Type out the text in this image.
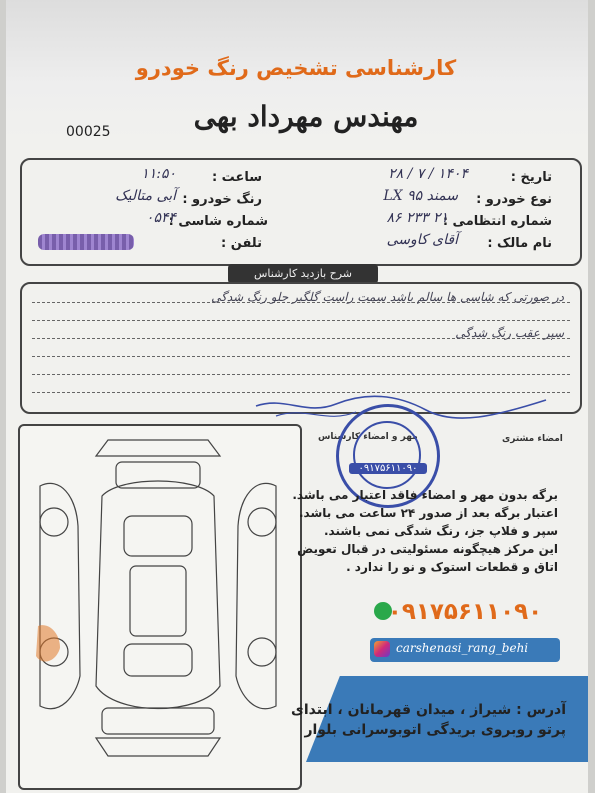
کارشناسی تشخیص رنگ خودرو
مهندس مهرداد بهی
00025
تاریخ :
۱۴۰۴ / ۷ / ۲۸
ساعت :
۱۱:۵۰
نوع خودرو :
سمند LX ۹۵
رنگ خودرو :
آبی متالیک
شماره انتظامی :
۲۱ ۲۳۳ ۸۶
شماره شاسی :
۰۵۴۴
نام مالک :
آقای کاوسی
تلفن :
شرح بازدید کارشناس
در صورتی که شاسی ها سالم باشد سمت راست گلگیر جلو رنگ شدگی
سپر عقب رنگ شدگی
مهر و امضاء کارشناس	امضاء مشتری
۰۹۱۷۵۶۱۱۰۹۰
برگه بدون مهر و امضاء فاقد اعتبار می باشد.
اعتبار برگه بعد از صدور ۲۴ ساعت می باشد.
سپر و فلاپ جز، رنگ شدگی نمی باشند.
این مرکز هیچگونه مسئولیتی در قبال تعویض
اتاق و قطعات استوک و نو را ندارد .
۰۹۱۷۵۶۱۱۰۹۰
carshenasi_rang_behi
آدرس : شیراز ، میدان قهرمانان ، ابتدای
پرتو روبروی بریدگی اتوبوسرانی بلوار
